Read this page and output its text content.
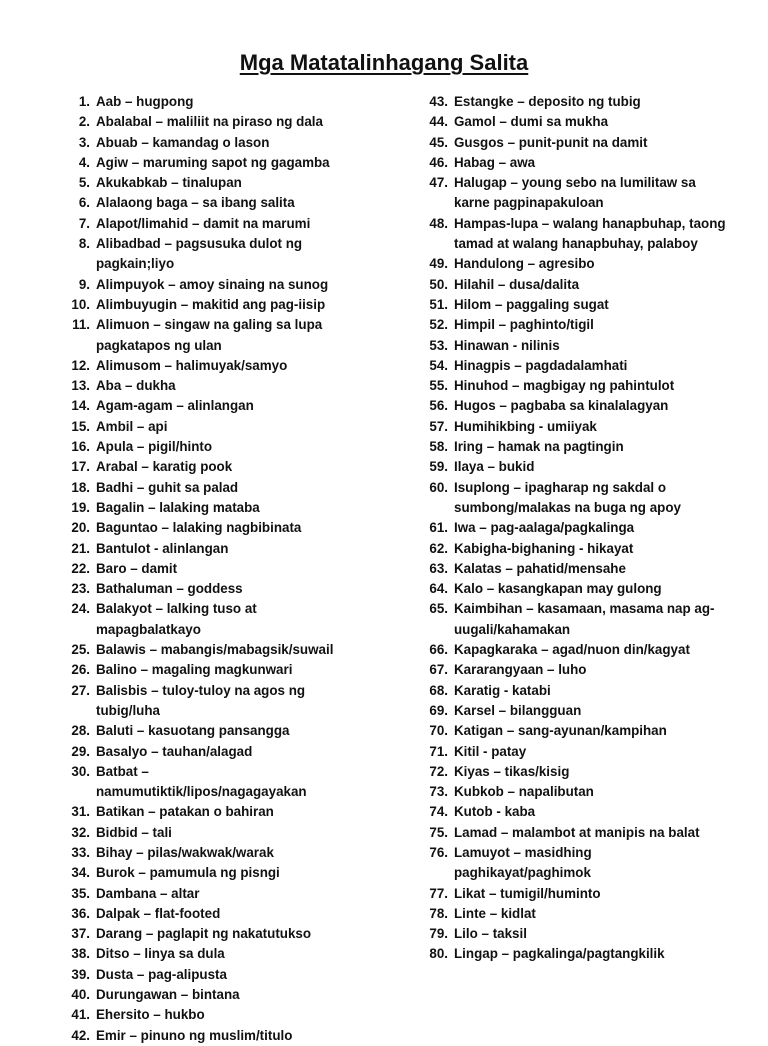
Mga Matatalinhagang Salita
1. Aab – hugpong
2. Abalabal – maliliit na piraso ng dala
3. Abuab – kamandag o lason
4. Agiw – maruming sapot ng gagamba
5. Akukabkab – tinalupan
6. Alalaong baga – sa ibang salita
7. Alapot/limahid – damit na marumi
8. Alibadbad – pagsusuka dulot ng pagkain;liyo
9. Alimpuyok – amoy sinaing na sunog
10. Alimbuyugin – makitid ang pag-iisip
11. Alimuon – singaw na galing sa lupa pagkatapos ng ulan
12. Alimusom – halimuyak/samyo
13. Aba – dukha
14. Agam-agam – alinlangan
15. Ambil – api
16. Apula – pigil/hinto
17. Arabal – karatig pook
18. Badhi – guhit sa palad
19. Bagalin – lalaking mataba
20. Baguntao – lalaking nagbibinata
21. Bantulot - alinlangan
22. Baro – damit
23. Bathaluman – goddess
24. Balakyot – lalking tuso at mapagbalatkayo
25. Balawis – mabangis/mabagsik/suwail
26. Balino – magaling magkunwari
27. Balisbis – tuloy-tuloy na agos ng tubig/luha
28. Baluti – kasuotang pansangga
29. Basalyo – tauhan/alagad
30. Batbat – namumutiktik/lipos/nagagayakan
31. Batikan – patakan o bahiran
32. Bidbid – tali
33. Bihay – pilas/wakwak/warak
34. Burok – pamumula ng pisngi
35. Dambana – altar
36. Dalpak – flat-footed
37. Darang – paglapit ng nakatutukso
38. Ditso – linya sa dula
39. Dusta – pag-alipusta
40. Durungawan – bintana
41. Ehersito – hukbo
42. Emir – pinuno ng muslim/titulo
43. Estangke – deposito ng tubig
44. Gamol – dumi sa mukha
45. Gusgos – punit-punit na damit
46. Habag – awa
47. Halugap – young sebo na lumilitaw sa karne pagpinapakuloan
48. Hampas-lupa – walang hanapbuhap, taong tamad at walang hanapbuhay, palaboy
49. Handulong – agresibo
50. Hilahil – dusa/dalita
51. Hilom – paggaling sugat
52. Himpil – paghinto/tigil
53. Hinawan - nilinis
54. Hinagpis – pagdadalamhati
55. Hinuhod – magbigay ng pahintulot
56. Hugos – pagbaba sa kinalalagyan
57. Humihikbing - umiiyak
58. Iring – hamak na pagtingin
59. Ilaya – bukid
60. Isuplong – ipagharap ng sakdal o sumbong/malakas na buga ng apoy
61. Iwa – pag-aalaga/pagkalinga
62. Kabigha-bighaning - hikayat
63. Kalatas – pahatid/mensahe
64. Kalo – kasangkapan may gulong
65. Kaimbihan – kasamaan, masama nap ag-uugali/kahamakan
66. Kapagkaraka – agad/nuon din/kagyat
67. Kararangyaan – luho
68. Karatig - katabi
69. Karsel – bilangguan
70. Katigan – sang-ayunan/kampihan
71. Kitil - patay
72. Kiyas – tikas/kisig
73. Kubkob – napalibutan
74. Kutob - kaba
75. Lamad – malambot at manipis na balat
76. Lamuyot – masidhing paghikayat/paghimok
77. Likat – tumigil/huminto
78. Linte – kidlat
79. Lilo – taksil
80. Lingap – pagkalinga/pagtangkilik
